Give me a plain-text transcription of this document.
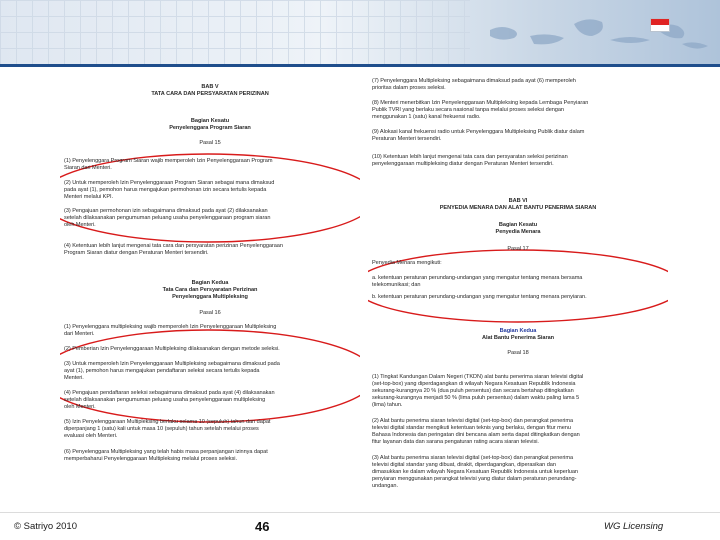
BAB V
TATA CARA DAN PERSYARATAN PERIZINAN
Bagian Kesatu
Penyelenggara Program Siaran
Pasal 15
(1) Penyelenggara Program Siaran wajib memperoleh Izin Penyelenggaraan Program
Siaran dari Menteri.
(2) Untuk memperoleh Izin Penyelenggaraan Program Siaran sebagai mana dimaksud
pada ayat (1), pemohon harus mengajukan permohonan izin secara tertulis kepada
Menteri melalui KPI.
(3) Pengajuan permohonan izin sebagaimana dimaksud pada ayat (2) dilaksanakan
setelah dilaksanakan pengumuman peluang usaha penyelenggaraan program siaran
oleh Menteri.
(4) Ketentuan lebih lanjut mengenai tata cara dan persyaratan perizinan Penyelenggaraan
Program Siaran diatur dengan Peraturan Menteri tersendiri.
Bagian Kedua
Tata Cara dan Persyaratan Perizinan
Penyelenggara Multipleksing
Pasal 16
(1) Penyelenggara multipleksing wajib memperoleh Izin Penyelenggaraan Multipleksing
dari Menteri.
(2) Pemberian Izin Penyelenggaraan Multipleksing dilaksanakan dengan metode seleksi.
(3) Untuk memperoleh Izin Penyelenggaraan Multipleksing sebagaimana dimaksud pada
ayat (1), pemohon harus mengajukan pendaftaran seleksi secara tertulis kepada
Menteri.
(4) Pengajuan pendaftaran seleksi sebagaimana dimaksud pada ayat (4) dilaksanakan
setelah dilaksanakan pengumuman peluang usaha penyelenggaraan multipleksing
oleh Menteri.
(5) Izin Penyelenggaraan Multipleksing berlaku selama 10 (sepuluh) tahun dan dapat
diperpanjang 1 (satu) kali untuk masa 10 (sepuluh) tahun setelah melalui proses
evaluasi oleh Menteri.
(6) Penyelenggara Multipleksing yang telah habis masa perpanjangan izinnya dapat
memperbaharui Penyelenggaraan Multipleksing melalui proses seleksi.
(7) Penyelenggara Multipleksing sebagaimana dimaksud pada ayat (6) memperoleh
prioritas dalam proses seleksi.
(8) Menteri menerbitkan Izin Penyelenggaraan Multipleksing kepada Lembaga Penyiaran
Publik TVRI yang berlaku secara nasional tanpa melalui proses seleksi dengan
menggunakan 1 (satu) kanal frekuensi radio.
(9) Alokasi kanal frekuensi radio untuk Penyelenggara Multipleksing Publik diatur dalam
Peraturan Menteri tersendiri.
(10) Ketentuan lebih lanjut mengenai tata cara dan persyaratan seleksi perizinan
penyelenggaraan multipleksing diatur dengan Peraturan Menteri tersendiri.
BAB VI
PENYEDIA MENARA DAN ALAT BANTU PENERIMA SIARAN
Bagian Kesatu
Penyedia Menara
Pasal 17
Penyedia Menara mengikuti:
a. ketentuan peraturan perundang-undangan yang mengatur tentang menara bersama
telekomunikasi; dan
b. ketentuan peraturan perundang-undangan yang mengatur tentang menara penyiaran.
Bagian Kedua
Alat Bantu Penerima Siaran
Pasal 18
(1) Tingkat Kandungan Dalam Negeri (TKDN) alat bantu penerima siaran televisi digital
(set-top-box) yang diperdagangkan di wilayah Negara Kesatuan Republik Indonesia
sekurang-kurangnya 20 % (dua puluh persentus) dan secara bertahap ditingkatkan
sekurang-kurangnya menjadi 50 % (lima puluh persentus) dalam waktu paling lama 5
(lima) tahun.
(2) Alat bantu penerima siaran televisi digital (set-top-box) dan perangkat penerima
televisi digital standar mengikuti ketentuan teknis yang berlaku, dengan fitur menu
Bahasa Indonesia dan peringatan dini bencana alam serta dapat ditingkatkan dengan
fitur layanan data dan sarana pengaturan rating acara siaran televisi.
(3) Alat bantu penerima siaran televisi digital (set-top-box) dan perangkat penerima
televisi digital standar yang dibuat, dirakit, diperdagangkan, diperasikan dan
dimasukkan ke dalam wilayah Negara Kesatuan Republik Indonesia untuk keperluan
penyiaran menggunakan perangkat televisi yang diatur dalam peraturan perundang-
undangan.
© Satriyo 2010	46	WG Licensing
